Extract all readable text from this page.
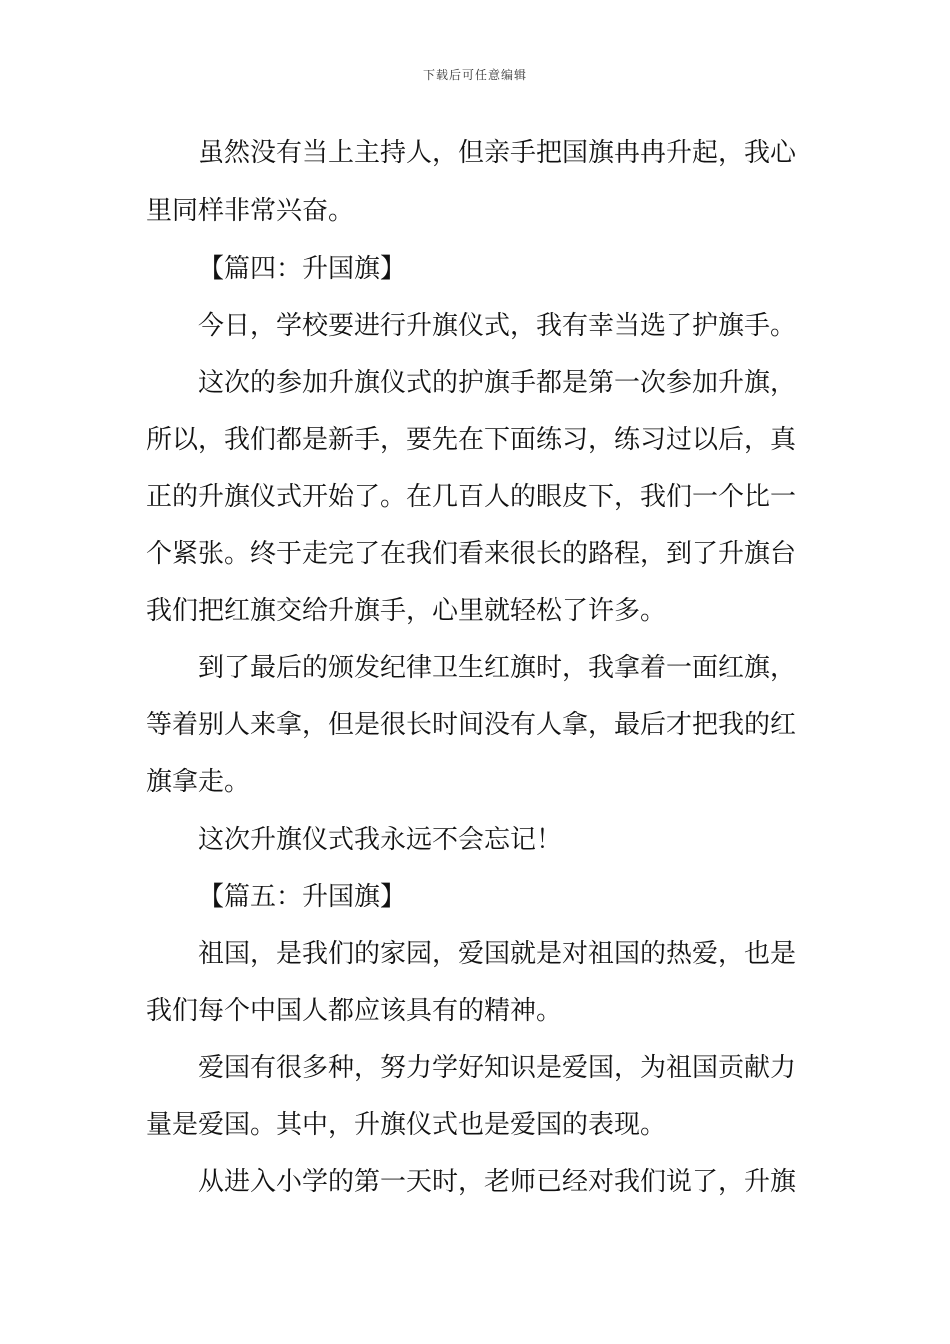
下载后可任意编辑
虽然没有当上主持人，但亲手把国旗冉冉升起，我心
里同样非常兴奋。
【篇四：升国旗】
今日，学校要进行升旗仪式，我有幸当选了护旗手。
这次的参加升旗仪式的护旗手都是第一次参加升旗，
所以，我们都是新手，要先在下面练习，练习过以后，真
正的升旗仪式开始了。在几百人的眼皮下，我们一个比一
个紧张。终于走完了在我们看来很长的路程，到了升旗台
我们把红旗交给升旗手，心里就轻松了许多。
到了最后的颁发纪律卫生红旗时，我拿着一面红旗，
等着别人来拿，但是很长时间没有人拿，最后才把我的红
旗拿走。
这次升旗仪式我永远不会忘记！
【篇五：升国旗】
祖国，是我们的家园，爱国就是对祖国的热爱，也是
我们每个中国人都应该具有的精神。
爱国有很多种，努力学好知识是爱国，为祖国贡献力
量是爱国。其中，升旗仪式也是爱国的表现。
从进入小学的第一天时，老师已经对我们说了，升旗
